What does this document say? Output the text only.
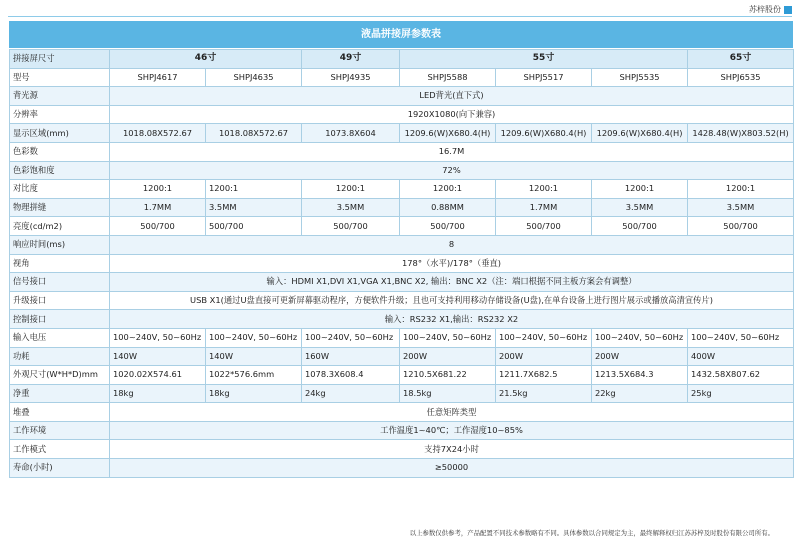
苏梓股份
液晶拼接屏参数表
拼接屏尺寸	46寸		49寸	55寸			65寸
型号	SHPJ4617	SHPJ4635	SHPJ4935	SHPJ5588	SHPJ5517	SHPJ5535	SHPJ6535
背光源	LED背光(直下式)						
分辨率	1920X1080(向下兼容)						
显示区域(mm)	1018.08X572.67	1018.08X572.67	1073.8X604	1209.6(W)X680.4(H)	1209.6(W)X680.4(H)	1209.6(W)X680.4(H)	1428.48(W)X803.52(H)
色彩数	16.7M						
色彩饱和度	72%						
对比度	1200:1	1200:1	1200:1	1200:1	1200:1	1200:1	1200:1
物理拼缝	1.7MM	3.5MM	3.5MM	0.88MM	1.7MM	3.5MM	3.5MM
亮度(cd/m2)	500/700	500/700	500/700	500/700	500/700	500/700	500/700
响应时间(ms)	8						
视角	178°（水平)/178°（垂直)						
信号接口	输入：HDMI X1,DVI X1,VGA X1,BNC X2, 输出：BNC X2（注：端口根据不同主板方案会有调整）						
升级接口	USB X1(通过U盘直接可更新屏幕驱动程序，方便软件升级；且也可支持利用移动存储设备(U盘),在单台设备上进行图片展示或播放高清宣传片)						
控制接口	输入：RS232 X1,输出：RS232 X2						
输入电压	100~240V, 50~60Hz	100~240V, 50~60Hz	100~240V, 50~60Hz	100~240V, 50~60Hz	100~240V, 50~60Hz	100~240V, 50~60Hz	100~240V, 50~60Hz
功耗	140W	140W	160W	200W	200W	200W	400W
外观尺寸(W*H*D)mm	1020.02X574.61	1022*576.6mm	1078.3X608.4	1210.5X681.22	1211.7X682.5	1213.5X684.3	1432.58X807.62
净重	18kg	18kg	24kg	18.5kg	21.5kg	22kg	25kg
堆叠	任意矩阵类型						
工作环境	工作温度1~40℃；工作湿度10~85%						
工作模式	支持7X24小时						
寿命(小时)	≥50000						
以上参数仅供参考，产品配置不同技术参数略有不同。具体参数以合同规定为主，最终解释权归江苏苏梓及时股份有限公司所有。
